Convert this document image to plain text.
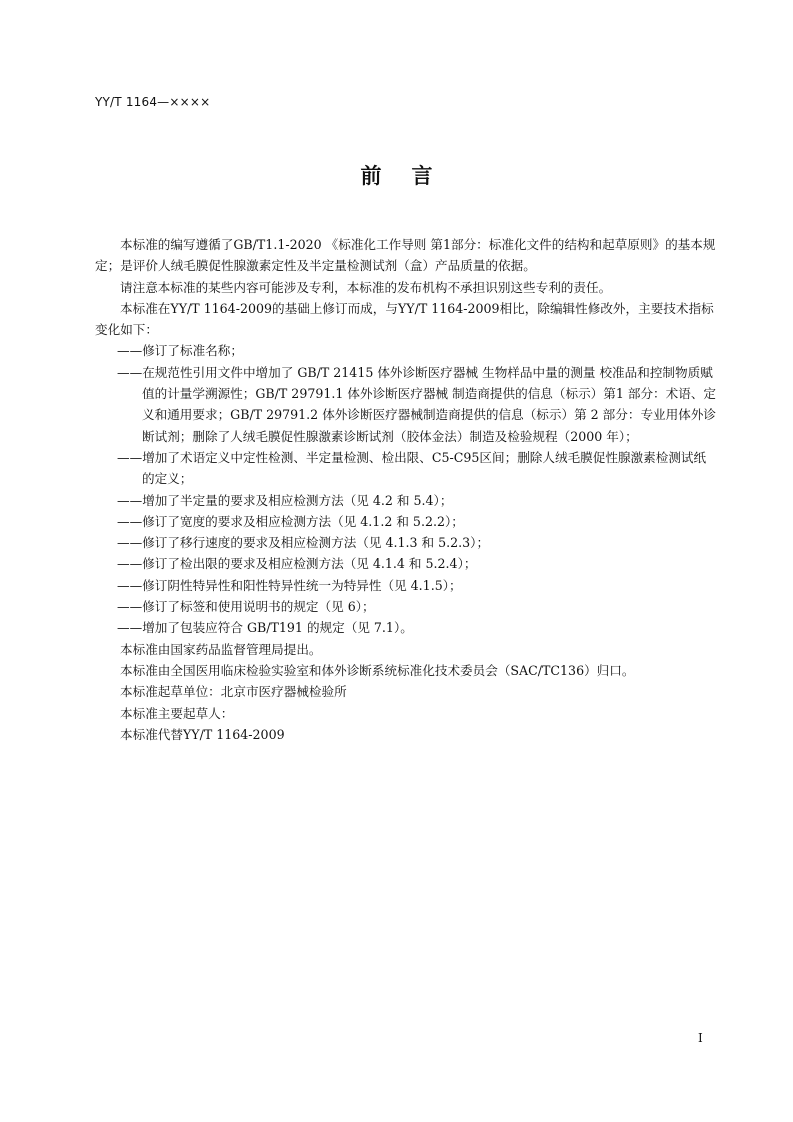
YY/T 1164—××××
前言

本标准的编写遵循了GB/T1.1-2020 《标准化工作导则 第1部分：标准化文件的结构和起草原则》的基本规定；是评价人绒毛膜促性腺激素定性及半定量检测试剂（盒）产品质量的依据。

请注意本标准的某些内容可能涉及专利，本标准的发布机构不承担识别这些专利的责任。

本标准在YY/T 1164-2009的基础上修订而成，与YY/T 1164-2009相比，除编辑性修改外，主要技术指标变化如下：

——修订了标准名称；

——在规范性引用文件中增加了 GB/T 21415 体外诊断医疗器械 生物样品中量的测量 校准品和控制物质赋值的计量学溯源性；GB/T 29791.1 体外诊断医疗器械 制造商提供的信息（标示）第1 部分：术语、定义和通用要求；GB/T 29791.2 体外诊断医疗器械制造商提供的信息（标示）第 2 部分：专业用体外诊断试剂；删除了人绒毛膜促性腺激素诊断试剂（胶体金法）制造及检验规程（2000 年）；

——增加了术语定义中定性检测、半定量检测、检出限、C5-C95区间；删除人绒毛膜促性腺激素检测试纸的定义；

——增加了半定量的要求及相应检测方法（见 4.2 和 5.4）；

——修订了宽度的要求及相应检测方法（见 4.1.2 和 5.2.2）；

——修订了移行速度的要求及相应检测方法（见 4.1.3 和 5.2.3）；

——修订了检出限的要求及相应检测方法（见 4.1.4 和 5.2.4）；

——修订阴性特异性和阳性特异性统一为特异性（见 4.1.5）；

——修订了标签和使用说明书的规定（见 6）；

——增加了包装应符合 GB/T191 的规定（见 7.1）。

本标准由国家药品监督管理局提出。

本标准由全国医用临床检验实验室和体外诊断系统标准化技术委员会（SAC/TC136）归口。

本标准起草单位：北京市医疗器械检验所

本标准主要起草人：

本标准代替YY/T 1164-2009

I
